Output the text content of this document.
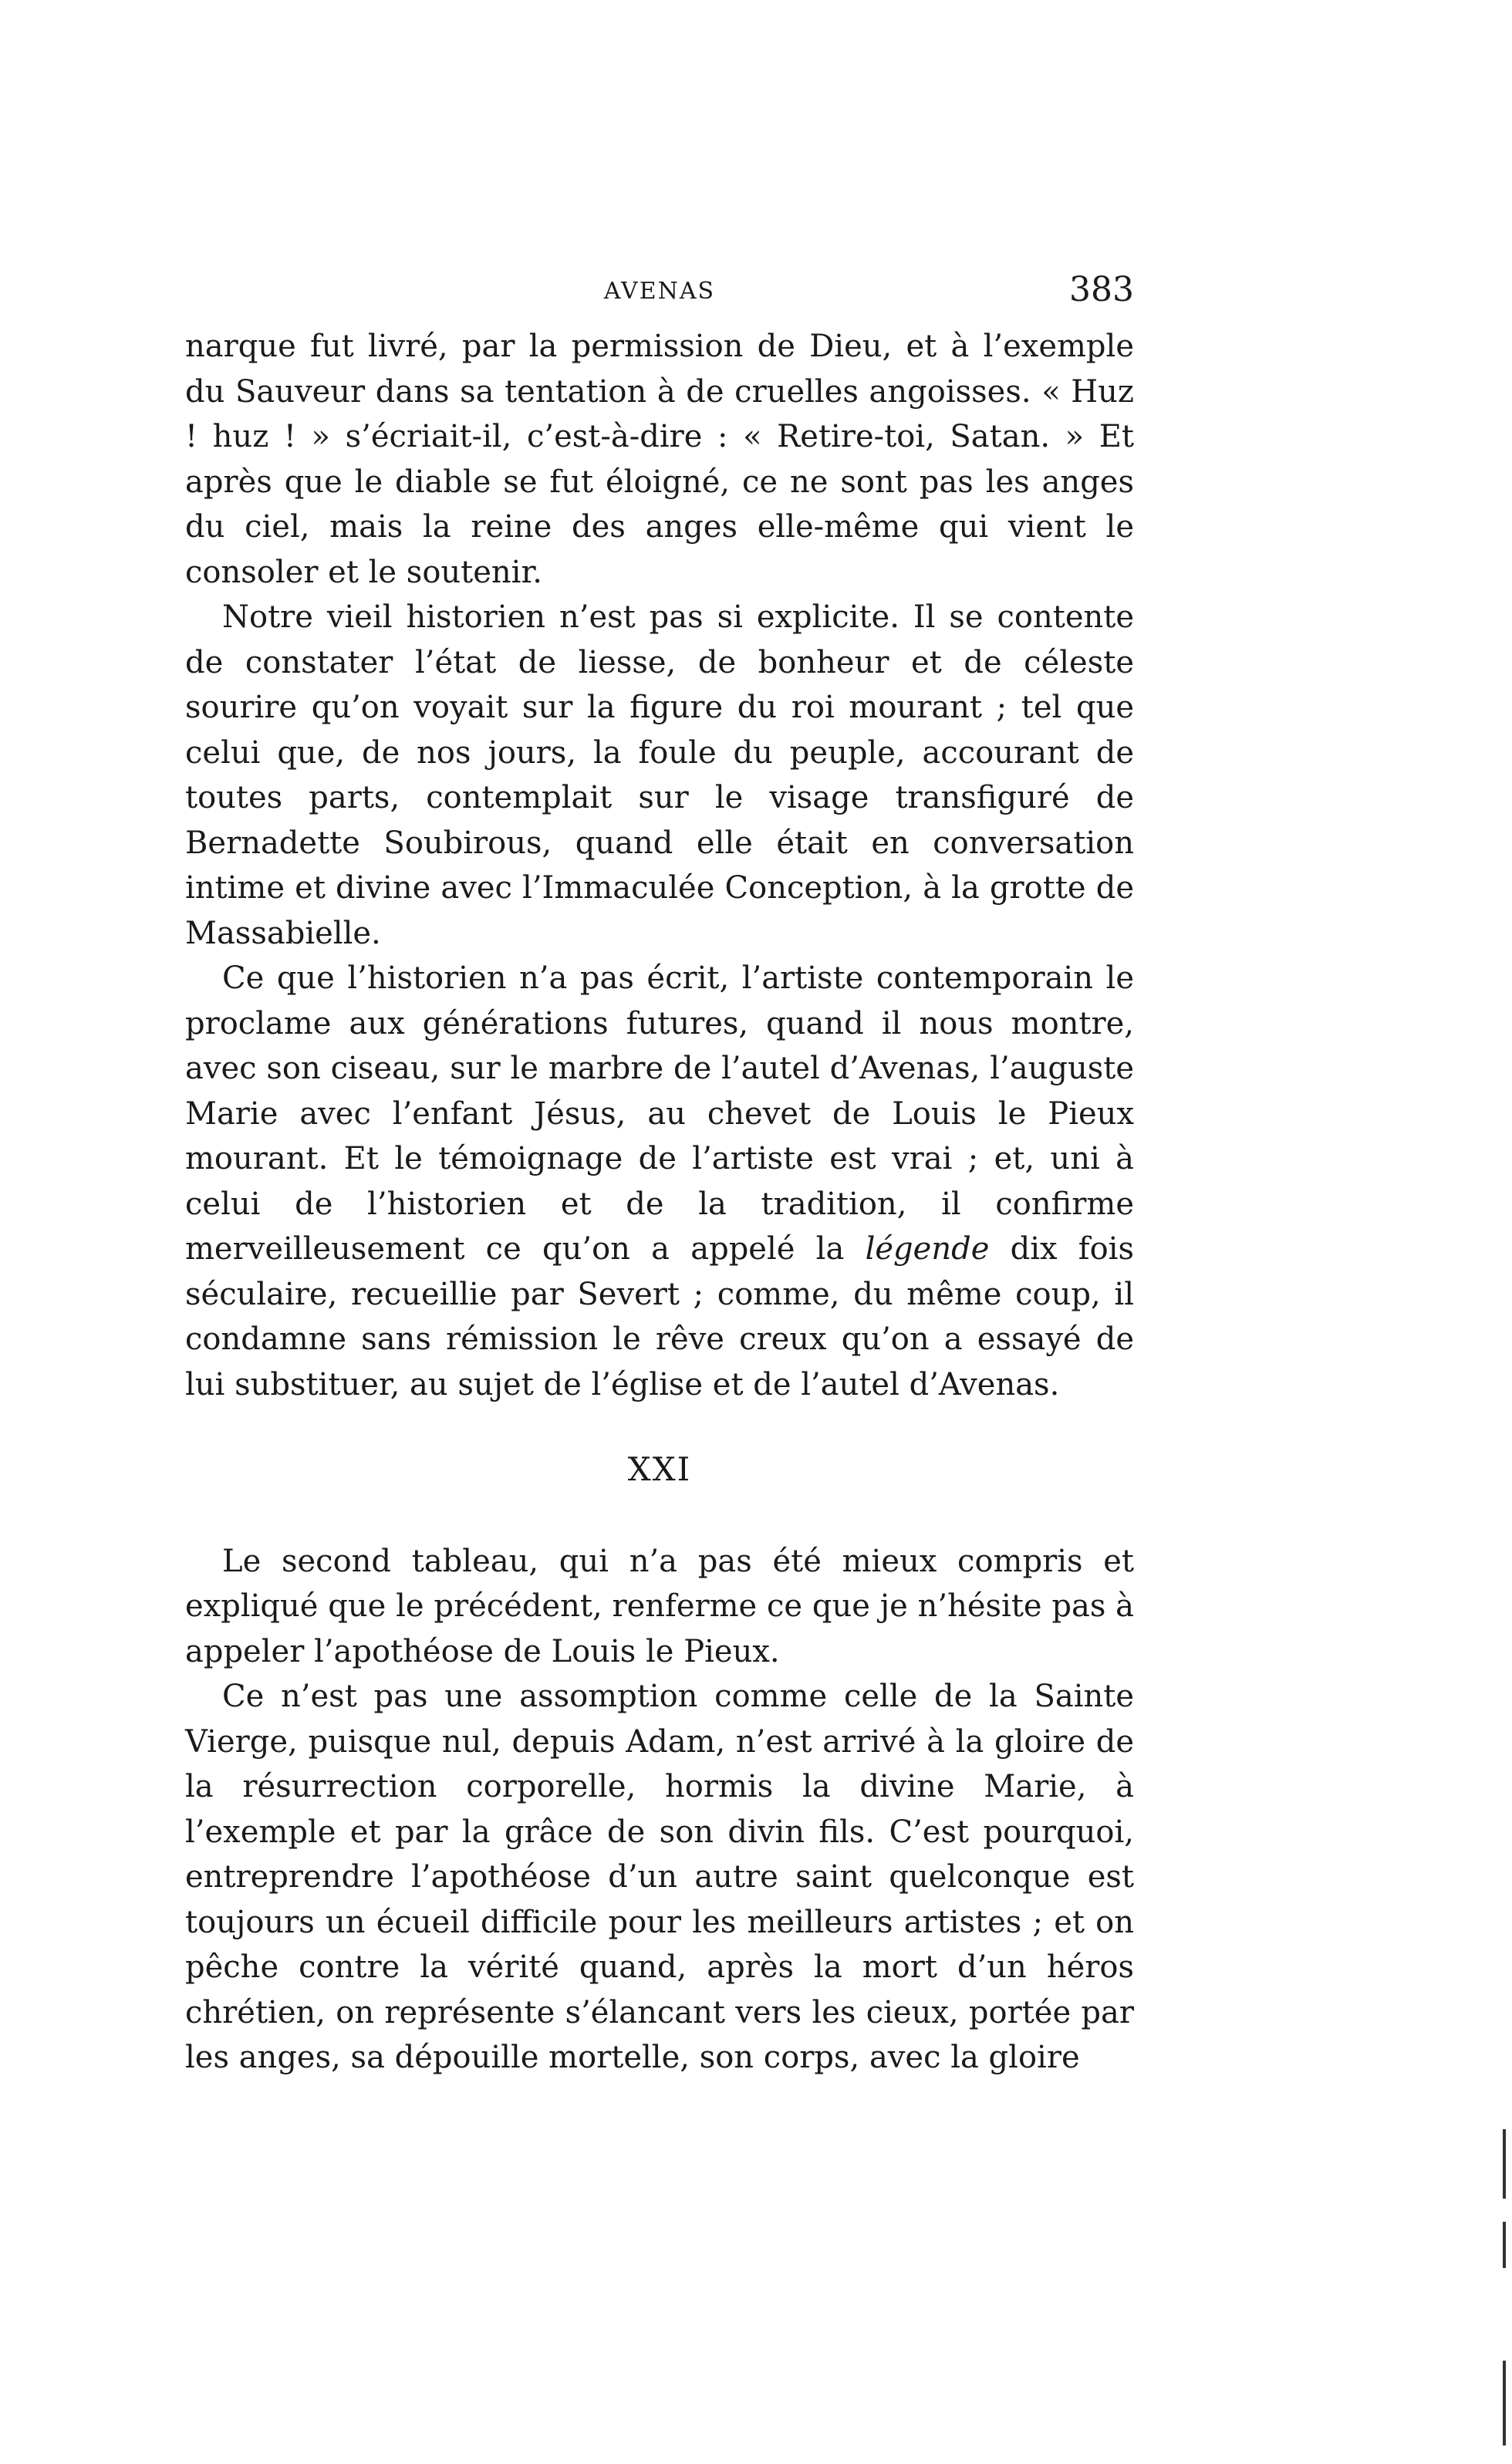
AVENAS	383

narque fut livré, par la permission de Dieu, et à l’exemple du Sauveur dans sa tentation à de cruelles angoisses. « Huz ! huz ! » s’écriait-il, c’est-à-dire : « Retire-toi, Satan. » Et après que le diable se fut éloigné, ce ne sont pas les anges du ciel, mais la reine des anges elle-même qui vient le consoler et le soutenir.

Notre vieil historien n’est pas si explicite. Il se contente de constater l’état de liesse, de bonheur et de céleste sourire qu’on voyait sur la figure du roi mourant ; tel que celui que, de nos jours, la foule du peuple, accourant de toutes parts, contemplait sur le visage transfiguré de Bernadette Soubirous, quand elle était en conversation intime et divine avec l’Immaculée Conception, à la grotte de Massabielle.

Ce que l’historien n’a pas écrit, l’artiste contemporain le proclame aux générations futures, quand il nous montre, avec son ciseau, sur le marbre de l’autel d’Avenas, l’auguste Marie avec l’enfant Jésus, au chevet de Louis le Pieux mourant. Et le témoignage de l’artiste est vrai ; et, uni à celui de l’historien et de la tradition, il confirme merveilleusement ce qu’on a appelé la légende dix fois séculaire, recueillie par Severt ; comme, du même coup, il condamne sans rémission le rêve creux qu’on a essayé de lui substituer, au sujet de l’église et de l’autel d’Avenas.

XXI

Le second tableau, qui n’a pas été mieux compris et expliqué que le précédent, renferme ce que je n’hésite pas à appeler l’apothéose de Louis le Pieux.

Ce n’est pas une assomption comme celle de la Sainte Vierge, puisque nul, depuis Adam, n’est arrivé à la gloire de la résurrection corporelle, hormis la divine Marie, à l’exemple et par la grâce de son divin fils. C’est pourquoi, entreprendre l’apothéose d’un autre saint quelconque est toujours un écueil difficile pour les meilleurs artistes ; et on pêche contre la vérité quand, après la mort d’un héros chrétien, on représente s’élancant vers les cieux, portée par les anges, sa dépouille mortelle, son corps, avec la gloire
